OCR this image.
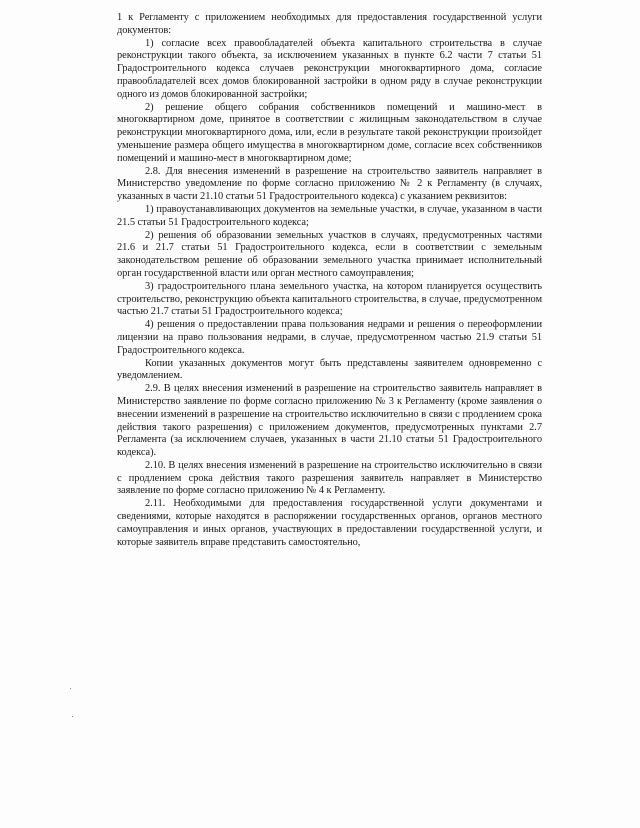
1 к Регламенту с приложением необходимых для предоставления государственной услуги документов:

1) согласие всех правообладателей объекта капитального строительства в случае реконструкции такого объекта, за исключением указанных в пункте 6.2 части 7 статьи 51 Градостроительного кодекса случаев реконструкции многоквартирного дома, согласие правообладателей всех домов блокированной застройки в одном ряду в случае реконструкции одного из домов блокированной застройки;

2) решение общего собрания собственников помещений и машино-мест в многоквартирном доме, принятое в соответствии с жилищным законодательством в случае реконструкции многоквартирного дома, или, если в результате такой реконструкции произойдет уменьшение размера общего имущества в многоквартирном доме, согласие всех собственников помещений и машино-мест в многоквартирном доме;

2.8. Для внесения изменений в разрешение на строительство заявитель направляет в Министерство уведомление по форме согласно приложению № 2 к Регламенту (в случаях, указанных в части 21.10 статьи 51 Градостроительного кодекса) с указанием реквизитов:

1) правоустанавливающих документов на земельные участки, в случае, указанном в части 21.5 статьи 51 Градостроительного кодекса;

2) решения об образовании земельных участков в случаях, предусмотренных частями 21.6 и 21.7 статьи 51 Градостроительного кодекса, если в соответствии с земельным законодательством решение об образовании земельного участка принимает исполнительный орган государственной власти или орган местного самоуправления;

3) градостроительного плана земельного участка, на котором планируется осуществить строительство, реконструкцию объекта капитального строительства, в случае, предусмотренном частью 21.7 статьи 51 Градостроительного кодекса;

4) решения о предоставлении права пользования недрами и решения о переоформлении лицензии на право пользования недрами, в случае, предусмотренном частью 21.9 статьи 51 Градостроительного кодекса.

Копии указанных документов могут быть представлены заявителем одновременно с уведомлением.

2.9. В целях внесения изменений в разрешение на строительство заявитель направляет в Министерство заявление по форме согласно приложению № 3 к Регламенту (кроме заявления о внесении изменений в разрешение на строительство исключительно в связи с продлением срока действия такого разрешения) с приложением документов, предусмотренных пунктами 2.7 Регламента (за исключением случаев, указанных в части 21.10 статьи 51 Градостроительного кодекса).

2.10. В целях внесения изменений в разрешение на строительство исключительно в связи с продлением срока действия такого разрешения заявитель направляет в Министерство заявление по форме согласно приложению № 4 к Регламенту.

2.11. Необходимыми для предоставления государственной услуги документами и сведениями, которые находятся в распоряжении государственных органов, органов местного самоуправления и иных органов, участвующих в предоставлении государственной услуги, и которые заявитель вправе представить самостоятельно,
